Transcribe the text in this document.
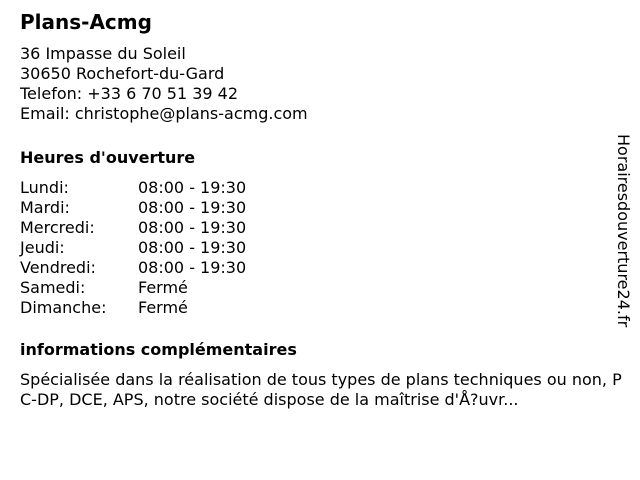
Plans-Acmg
36 Impasse du Soleil
30650 Rochefort-du-Gard
Telefon: +33 6 70 51 39 42
Email: christophe@plans-acmg.com
Heures d'ouverture
Lundi:	08:00 - 19:30
Mardi:	08:00 - 19:30
Mercredi:	08:00 - 19:30
Jeudi:	08:00 - 19:30
Vendredi:	08:00 - 19:30
Samedi:	Fermé
Dimanche:	Fermé
informations complémentaires
Spécialisée dans la réalisation de tous types de plans techniques ou non, PC-DP, DCE, APS, notre société dispose de la maîtrise d'Å?uvr...
Horairesdouverture24.fr
